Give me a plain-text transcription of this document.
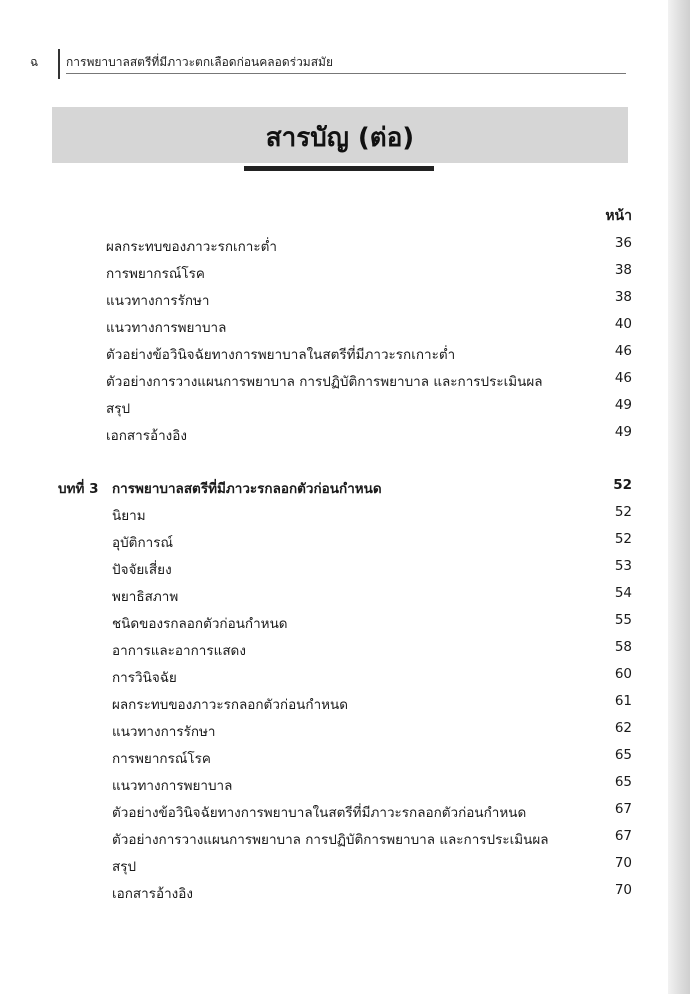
ฉ การพยาบาลสตรีที่มีภาวะตกเลือดก่อนคลอดร่วมสมัย
สารบัญ (ต่อ)
หน้า
ผลกระทบของภาวะรกเกาะต่ำ	36
การพยากรณ์โรค	38
แนวทางการรักษา	38
แนวทางการพยาบาล	40
ตัวอย่างข้อวินิจฉัยทางการพยาบาลในสตรีที่มีภาวะรกเกาะต่ำ	46
ตัวอย่างการวางแผนการพยาบาล การปฏิบัติการพยาบาล และการประเมินผล	46
สรุป	49
เอกสารอ้างอิง	49
บทที่ 3 การพยาบาลสตรีที่มีภาวะรกลอกตัวก่อนกำหนด	52
นิยาม	52
อุบัติการณ์	52
ปัจจัยเสี่ยง	53
พยาธิสภาพ	54
ชนิดของรกลอกตัวก่อนกำหนด	55
อาการและอาการแสดง	58
การวินิจฉัย	60
ผลกระทบของภาวะรกลอกตัวก่อนกำหนด	61
แนวทางการรักษา	62
การพยากรณ์โรค	65
แนวทางการพยาบาล	65
ตัวอย่างข้อวินิจฉัยทางการพยาบาลในสตรีที่มีภาวะรกลอกตัวก่อนกำหนด	67
ตัวอย่างการวางแผนการพยาบาล การปฏิบัติการพยาบาล และการประเมินผล	67
สรุป	70
เอกสารอ้างอิง	70
